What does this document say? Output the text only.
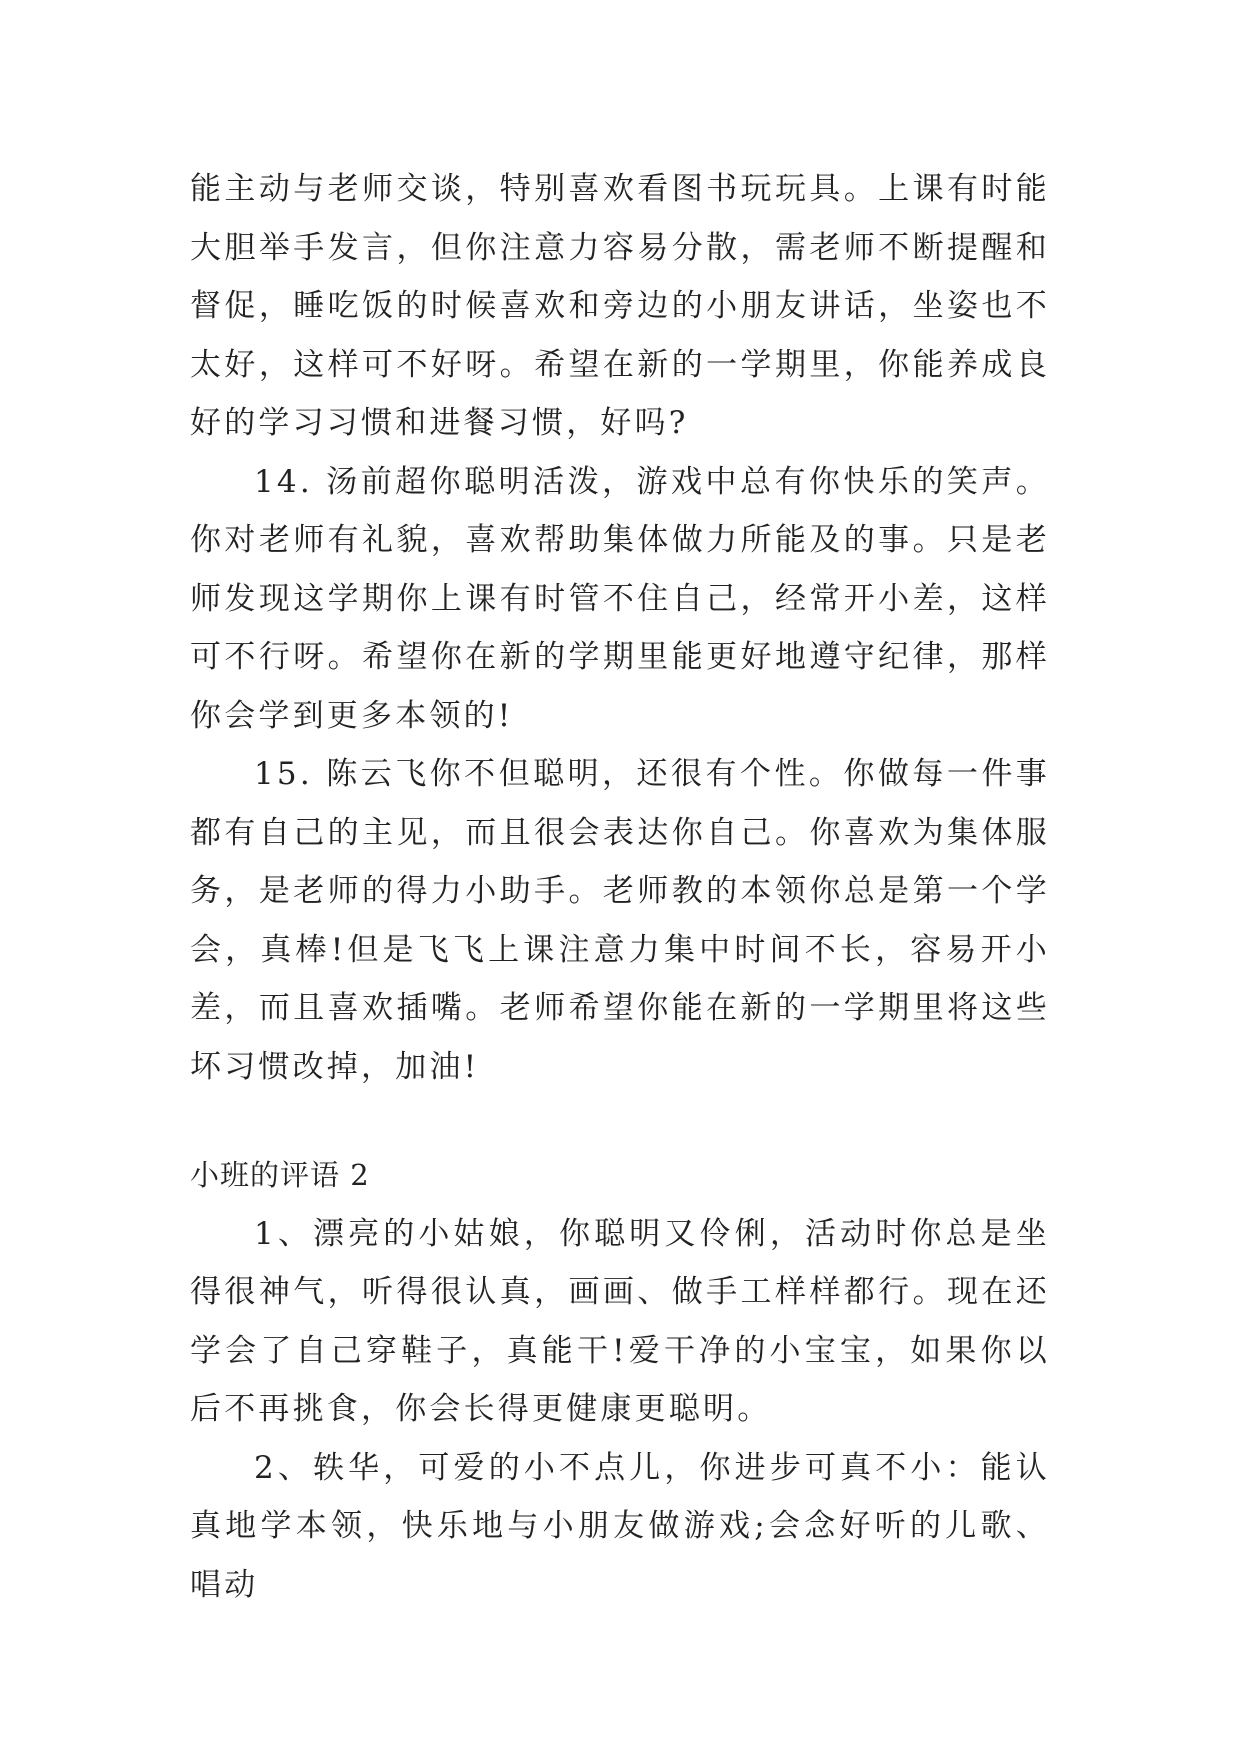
能主动与老师交谈，特别喜欢看图书玩玩具。上课有时能大胆举手发言，但你注意力容易分散，需老师不断提醒和督促，睡吃饭的时候喜欢和旁边的小朋友讲话，坐姿也不太好，这样可不好呀。希望在新的一学期里，你能养成良好的学习习惯和进餐习惯，好吗?

14. 汤前超你聪明活泼，游戏中总有你快乐的笑声。你对老师有礼貌，喜欢帮助集体做力所能及的事。只是老师发现这学期你上课有时管不住自己，经常开小差，这样可不行呀。希望你在新的学期里能更好地遵守纪律，那样你会学到更多本领的!

15. 陈云飞你不但聪明，还很有个性。你做每一件事都有自己的主见，而且很会表达你自己。你喜欢为集体服务，是老师的得力小助手。老师教的本领你总是第一个学会，真棒!但是飞飞上课注意力集中时间不长，容易开小差，而且喜欢插嘴。老师希望你能在新的一学期里将这些坏习惯改掉，加油!

小班的评语 2

1、漂亮的小姑娘，你聪明又伶俐，活动时你总是坐得很神气，听得很认真，画画、做手工样样都行。现在还学会了自己穿鞋子，真能干!爱干净的小宝宝，如果你以后不再挑食，你会长得更健康更聪明。

2、轶华，可爱的小不点儿，你进步可真不小：能认真地学本领，快乐地与小朋友做游戏;会念好听的儿歌、唱动
